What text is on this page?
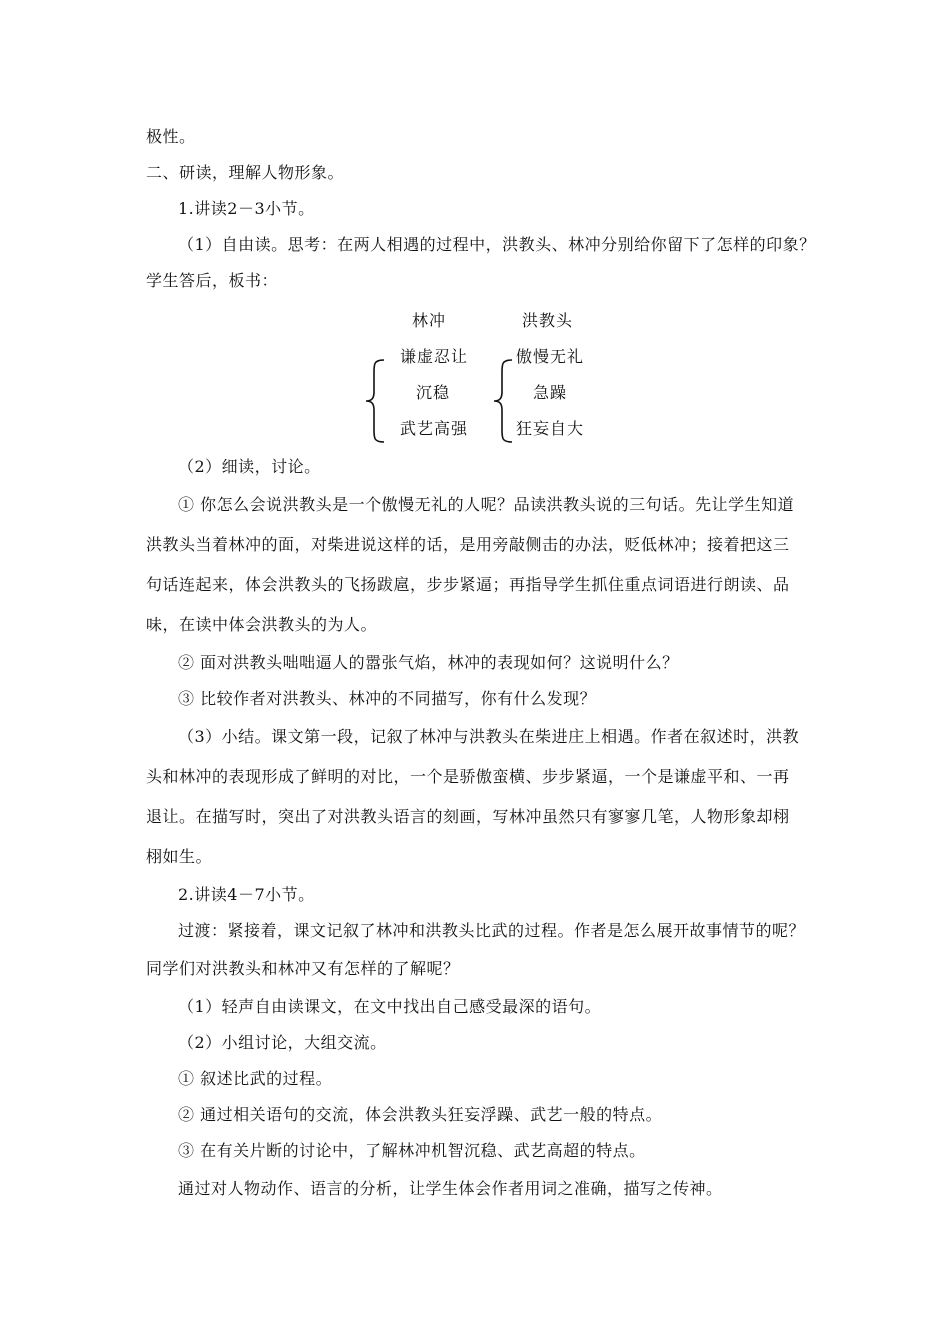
极性。
二、研读，理解人物形象。
1.讲读2－3小节。
（1）自由读。思考：在两人相遇的过程中，洪教头、林冲分别给你留下了怎样的印象？
学生答后，板书：
林冲	洪教头
谦虚忍让
沉稳
武艺高强
傲慢无礼
急躁
狂妄自大
（2）细读，讨论。
① 你怎么会说洪教头是一个傲慢无礼的人呢？品读洪教头说的三句话。先让学生知道
洪教头当着林冲的面，对柴进说这样的话，是用旁敲侧击的办法，贬低林冲；接着把这三
句话连起来，体会洪教头的飞扬跋扈，步步紧逼；再指导学生抓住重点词语进行朗读、品
味，在读中体会洪教头的为人。
② 面对洪教头咄咄逼人的嚣张气焰，林冲的表现如何？这说明什么？
③ 比较作者对洪教头、林冲的不同描写，你有什么发现？
（3）小结。课文第一段，记叙了林冲与洪教头在柴进庄上相遇。作者在叙述时，洪教
头和林冲的表现形成了鲜明的对比，一个是骄傲蛮横、步步紧逼，一个是谦虚平和、一再
退让。在描写时，突出了对洪教头语言的刻画，写林冲虽然只有寥寥几笔，人物形象却栩
栩如生。
2.讲读4－7小节。
过渡：紧接着，课文记叙了林冲和洪教头比武的过程。作者是怎么展开故事情节的呢？
同学们对洪教头和林冲又有怎样的了解呢？
（1）轻声自由读课文，在文中找出自己感受最深的语句。
（2）小组讨论，大组交流。
① 叙述比武的过程。
② 通过相关语句的交流，体会洪教头狂妄浮躁、武艺一般的特点。
③ 在有关片断的讨论中，了解林冲机智沉稳、武艺高超的特点。
通过对人物动作、语言的分析，让学生体会作者用词之准确，描写之传神。
